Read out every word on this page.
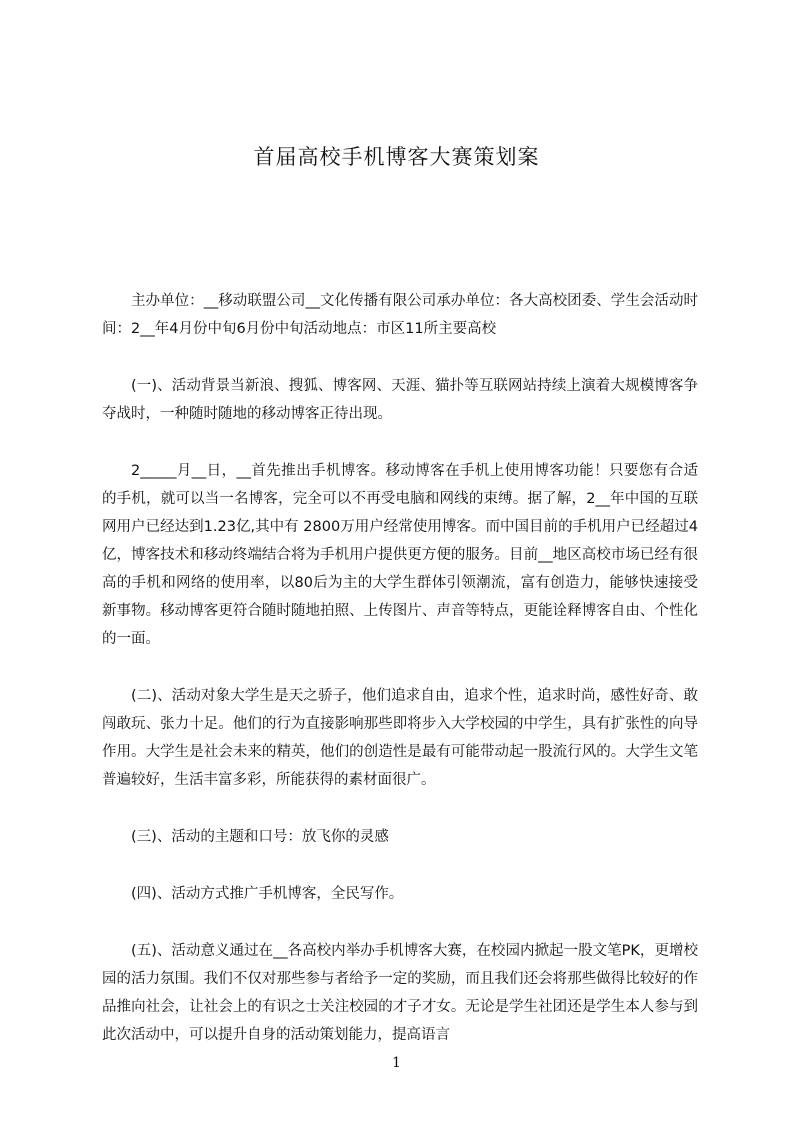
首届高校手机博客大赛策划案

主办单位：__移动联盟公司__文化传播有限公司承办单位：各大高校团委、学生会活动时间：2__年4月份中旬6月份中旬活动地点：市区11所主要高校

(一)、活动背景当新浪、搜狐、博客网、天涯、猫扑等互联网站持续上演着大规模博客争夺战时，一种随时随地的移动博客正待出现。

2_____月__日，__首先推出手机博客。移动博客在手机上使用博客功能！只要您有合适的手机，就可以当一名博客，完全可以不再受电脑和网线的束缚。据了解，2__年中国的互联网用户已经达到1.23亿,其中有 2800万用户经常使用博客。而中国目前的手机用户已经超过4亿，博客技术和移动终端结合将为手机用户提供更方便的服务。目前__地区高校市场已经有很高的手机和网络的使用率，以80后为主的大学生群体引领潮流，富有创造力，能够快速接受新事物。移动博客更符合随时随地拍照、上传图片、声音等特点，更能诠释博客自由、个性化的一面。

(二)、活动对象大学生是天之骄子，他们追求自由，追求个性，追求时尚，感性好奇、敢闯敢玩、张力十足。他们的行为直接影响那些即将步入大学校园的中学生，具有扩张性的向导作用。大学生是社会未来的精英，他们的创造性是最有可能带动起一股流行风的。大学生文笔普遍较好，生活丰富多彩，所能获得的素材面很广。

(三)、活动的主题和口号：放飞你的灵感

(四)、活动方式推广手机博客，全民写作。

(五)、活动意义通过在__各高校内举办手机博客大赛，在校园内掀起一股文笔PK，更增校园的活力氛围。我们不仅对那些参与者给予一定的奖励，而且我们还会将那些做得比较好的作品推向社会，让社会上的有识之士关注校园的才子才女。无论是学生社团还是学生本人参与到此次活动中，可以提升自身的活动策划能力，提高语言

1
